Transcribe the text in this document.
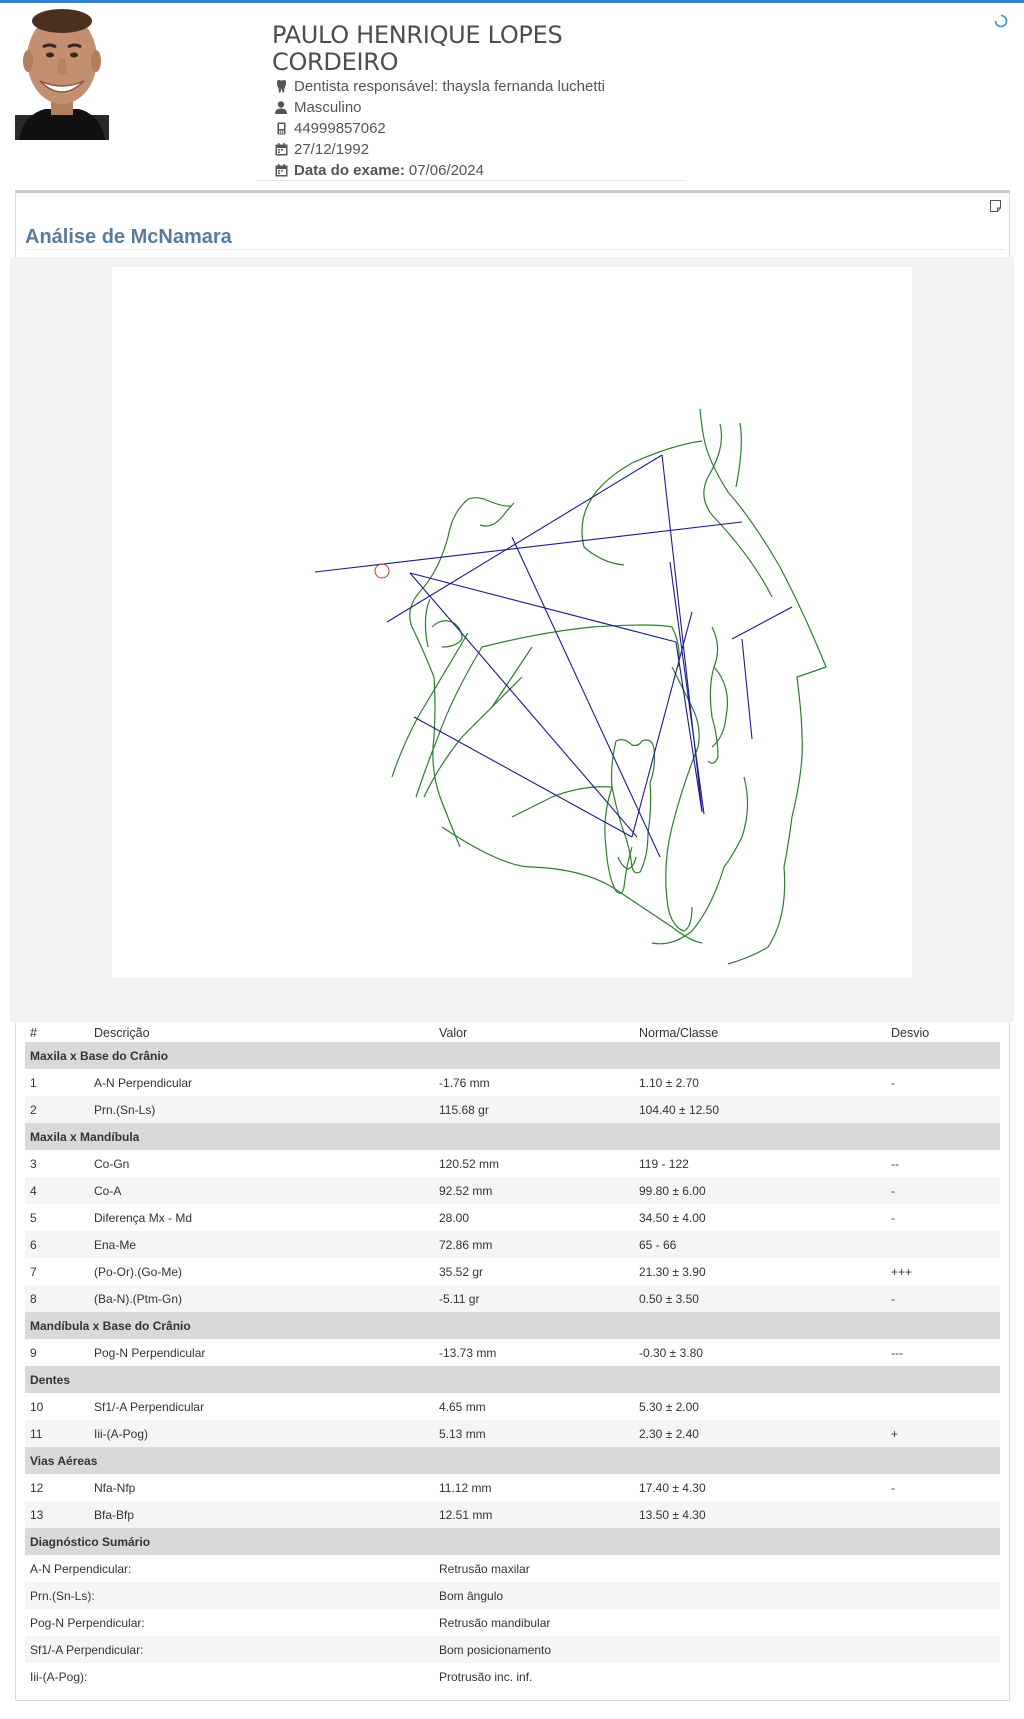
PAULO HENRIQUE LOPES
CORDEIRO
Dentista responsável: thaysla fernanda luchetti
Masculino
44999857062
27/12/1992
Data do exame: 07/06/2024
Análise de McNamara
#	Descrição	Valor	Norma/Classe	Desvio
Maxila x Base do Crânio				
1	A-N Perpendicular	-1.76 mm	1.10 ± 2.70	-
2	Prn.(Sn-Ls)	115.68 gr	104.40 ± 12.50	
Maxila x Mandíbula				
3	Co-Gn	120.52 mm	119 - 122	--
4	Co-A	92.52 mm	99.80 ± 6.00	-
5	Diferença Mx - Md	28.00	34.50 ± 4.00	-
6	Ena-Me	72.86 mm	65 - 66	
7	(Po-Or).(Go-Me)	35.52 gr	21.30 ± 3.90	+++
8	(Ba-N).(Ptm-Gn)	-5.11 gr	0.50 ± 3.50	-
Mandíbula x Base do Crânio				
9	Pog-N Perpendicular	-13.73 mm	-0.30 ± 3.80	---
Dentes				
10	Sf1/-A Perpendicular	4.65 mm	5.30 ± 2.00	
11	Iii-(A-Pog)	5.13 mm	2.30 ± 2.40	+
Vias Aéreas				
12	Nfa-Nfp	11.12 mm	17.40 ± 4.30	-
13	Bfa-Bfp	12.51 mm	13.50 ± 4.30	
Diagnóstico Sumário				
A-N Perpendicular:		Retrusão maxilar		
Prn.(Sn-Ls):		Bom ângulo		
Pog-N Perpendicular:		Retrusão mandibular		
Sf1/-A Perpendicular:		Bom posicionamento		
Iii-(A-Pog):		Protrusão inc. inf.		
